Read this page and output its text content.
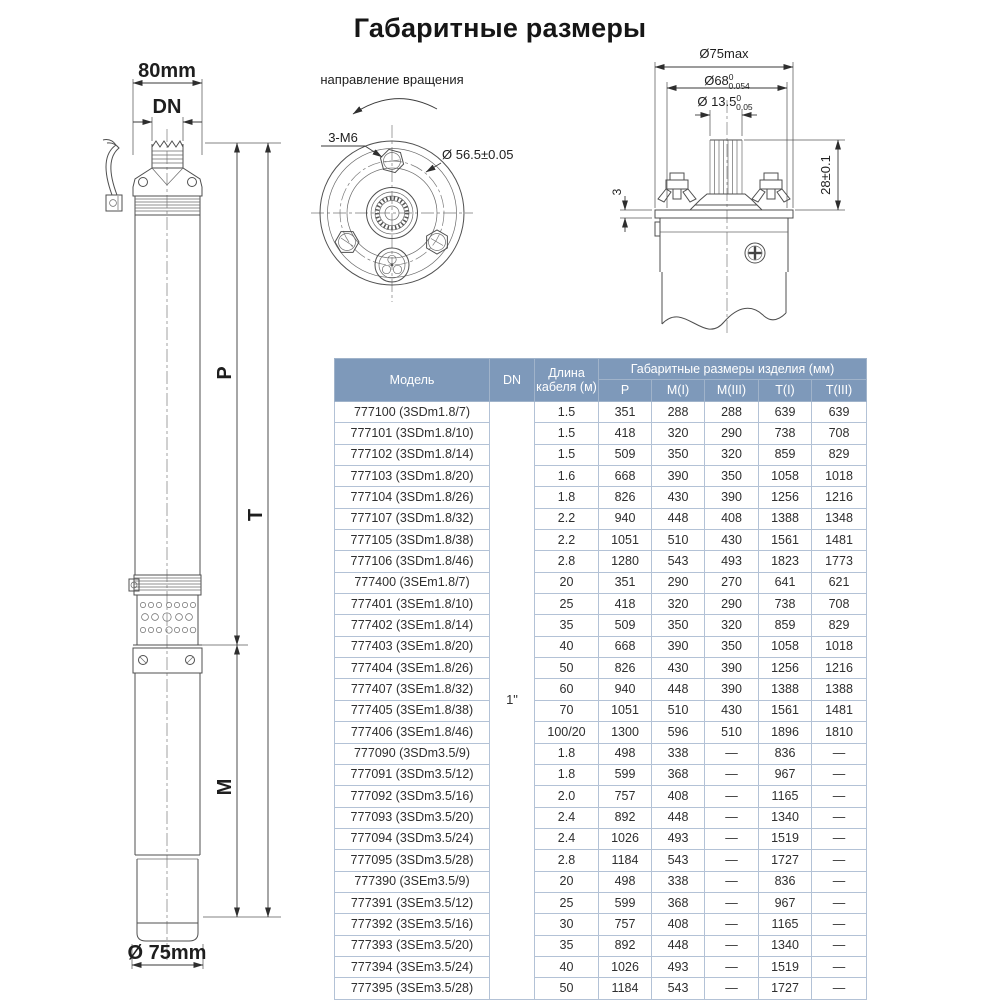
Габаритные размеры
80mm
DN
Ø 75mm
P
T
M
направление вращения
3-M6
Ø 56.5±0.05
Ø75max
$Ø68^0$ 0.054
Ø 13.5$^0$ 0.05
3	28±0.1
Модель	DN	Длина кабеля (м)	Габаритные размеры изделия (мм)				
			P	M(I)	M(III)	T(I)	T(III)
777100 (3SDm1.8/7)	1"	1.5	351	288	288	639	639
777101 (3SDm1.8/10)		1.5	418	320	290	738	708
777102 (3SDm1.8/14)		1.5	509	350	320	859	829
777103 (3SDm1.8/20)		1.6	668	390	350	1058	1018
777104 (3SDm1.8/26)		1.8	826	430	390	1256	1216
777107 (3SDm1.8/32)		2.2	940	448	408	1388	1348
777105 (3SDm1.8/38)		2.2	1051	510	430	1561	1481
777106 (3SDm1.8/46)		2.8	1280	543	493	1823	1773
777400 (3SEm1.8/7)		20	351	290	270	641	621
777401 (3SEm1.8/10)		25	418	320	290	738	708
777402 (3SEm1.8/14)		35	509	350	320	859	829
777403 (3SEm1.8/20)		40	668	390	350	1058	1018
777404 (3SEm1.8/26)		50	826	430	390	1256	1216
777407 (3SEm1.8/32)		60	940	448	390	1388	1388
777405 (3SEm1.8/38)		70	1051	510	430	1561	1481
777406 (3SEm1.8/46)		100/20	1300	596	510	1896	1810
777090 (3SDm3.5/9)		1.8	498	338	—	836	—
777091 (3SDm3.5/12)		1.8	599	368	—	967	—
777092 (3SDm3.5/16)		2.0	757	408	—	1165	—
777093 (3SDm3.5/20)		2.4	892	448	—	1340	—
777094 (3SDm3.5/24)		2.4	1026	493	—	1519	—
777095 (3SDm3.5/28)		2.8	1184	543	—	1727	—
777390 (3SEm3.5/9)		20	498	338	—	836	—
777391 (3SEm3.5/12)		25	599	368	—	967	—
777392 (3SEm3.5/16)		30	757	408	—	1165	—
777393 (3SEm3.5/20)		35	892	448	—	1340	—
777394 (3SEm3.5/24)		40	1026	493	—	1519	—
777395 (3SEm3.5/28)		50	1184	543	—	1727	—
